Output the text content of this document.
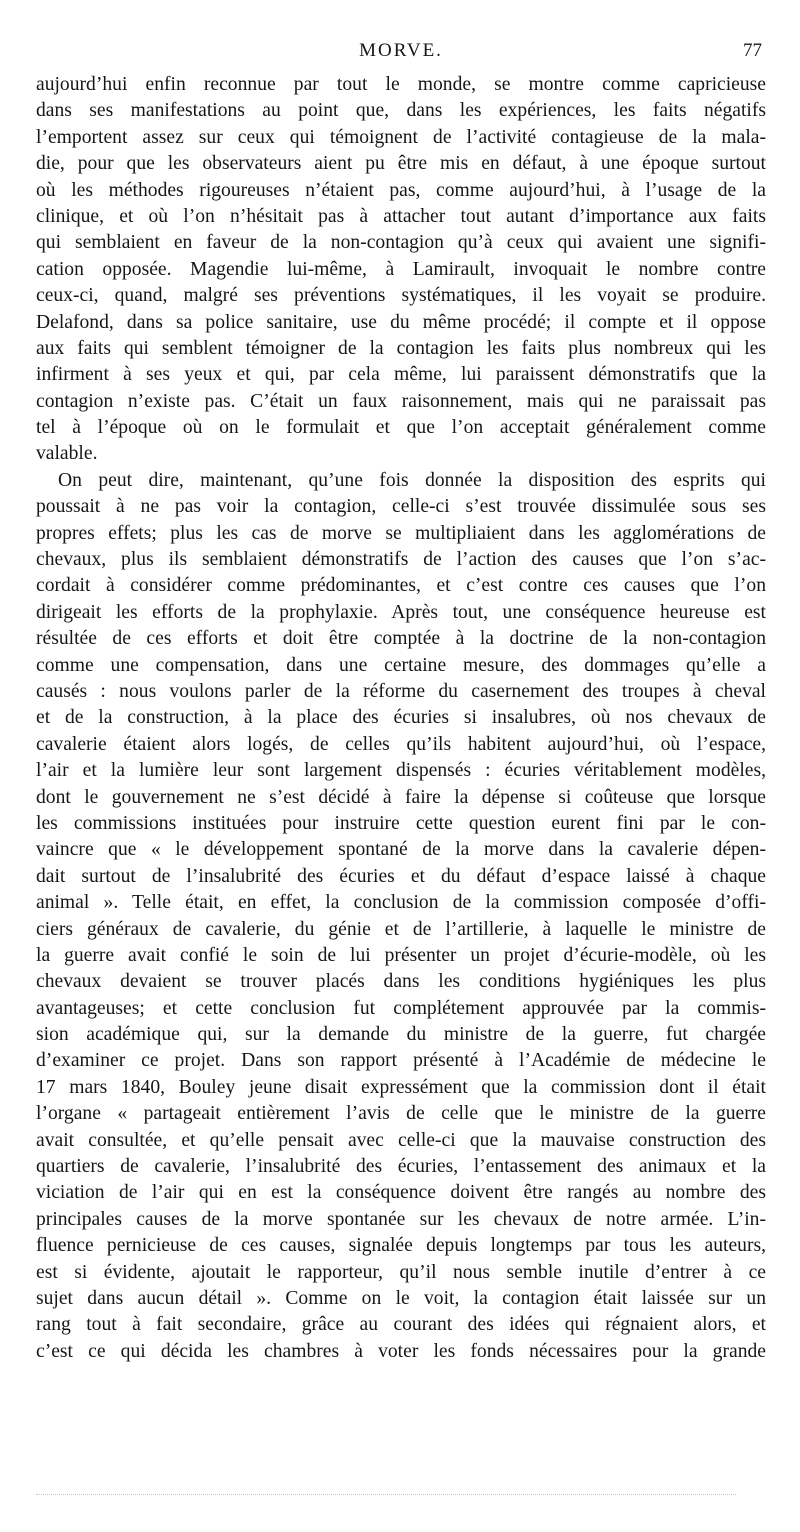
MORVE.	77
aujourd’hui enfin reconnue par tout le monde, se montre comme capricieuse
dans ses manifestations au point que, dans les expériences, les faits négatifs
l’emportent assez sur ceux qui témoignent de l’activité contagieuse de la mala-
die, pour que les observateurs aient pu être mis en défaut, à une époque surtout
où les méthodes rigoureuses n’étaient pas, comme aujourd’hui, à l’usage de la
clinique, et où l’on n’hésitait pas à attacher tout autant d’importance aux faits
qui semblaient en faveur de la non-contagion qu’à ceux qui avaient une signifi-
cation opposée. Magendie lui-même, à Lamirault, invoquait le nombre contre
ceux-ci, quand, malgré ses préventions systématiques, il les voyait se produire.
Delafond, dans sa police sanitaire, use du même procédé; il compte et il oppose
aux faits qui semblent témoigner de la contagion les faits plus nombreux qui les
infirment à ses yeux et qui, par cela même, lui paraissent démonstratifs que la
contagion n’existe pas. C’était un faux raisonnement, mais qui ne paraissait pas
tel à l’époque où on le formulait et que l’on acceptait généralement comme
valable.
On peut dire, maintenant, qu’une fois donnée la disposition des esprits qui
poussait à ne pas voir la contagion, celle-ci s’est trouvée dissimulée sous ses
propres effets; plus les cas de morve se multipliaient dans les agglomérations de
chevaux, plus ils semblaient démonstratifs de l’action des causes que l’on s’ac-
cordait à considérer comme prédominantes, et c’est contre ces causes que l’on
dirigeait les efforts de la prophylaxie. Après tout, une conséquence heureuse est
résultée de ces efforts et doit être comptée à la doctrine de la non-contagion
comme une compensation, dans une certaine mesure, des dommages qu’elle a
causés : nous voulons parler de la réforme du casernement des troupes à cheval
et de la construction, à la place des écuries si insalubres, où nos chevaux de
cavalerie étaient alors logés, de celles qu’ils habitent aujourd’hui, où l’espace,
l’air et la lumière leur sont largement dispensés : écuries véritablement modèles,
dont le gouvernement ne s’est décidé à faire la dépense si coûteuse que lorsque
les commissions instituées pour instruire cette question eurent fini par le con-
vaincre que « le développement spontané de la morve dans la cavalerie dépen-
dait surtout de l’insalubrité des écuries et du défaut d’espace laissé à chaque
animal ». Telle était, en effet, la conclusion de la commission composée d’offi-
ciers généraux de cavalerie, du génie et de l’artillerie, à laquelle le ministre de
la guerre avait confié le soin de lui présenter un projet d’écurie-modèle, où les
chevaux devaient se trouver placés dans les conditions hygiéniques les plus
avantageuses; et cette conclusion fut complétement approuvée par la commis-
sion académique qui, sur la demande du ministre de la guerre, fut chargée
d’examiner ce projet. Dans son rapport présenté à l’Académie de médecine le
17 mars 1840, Bouley jeune disait expressément que la commission dont il était
l’organe « partageait entièrement l’avis de celle que le ministre de la guerre
avait consultée, et qu’elle pensait avec celle-ci que la mauvaise construction des
quartiers de cavalerie, l’insalubrité des écuries, l’entassement des animaux et la
viciation de l’air qui en est la conséquence doivent être rangés au nombre des
principales causes de la morve spontanée sur les chevaux de notre armée. L’in-
fluence pernicieuse de ces causes, signalée depuis longtemps par tous les auteurs,
est si évidente, ajoutait le rapporteur, qu’il nous semble inutile d’entrer à ce
sujet dans aucun détail ». Comme on le voit, la contagion était laissée sur un
rang tout à fait secondaire, grâce au courant des idées qui régnaient alors, et
c’est ce qui décida les chambres à voter les fonds nécessaires pour la grande
